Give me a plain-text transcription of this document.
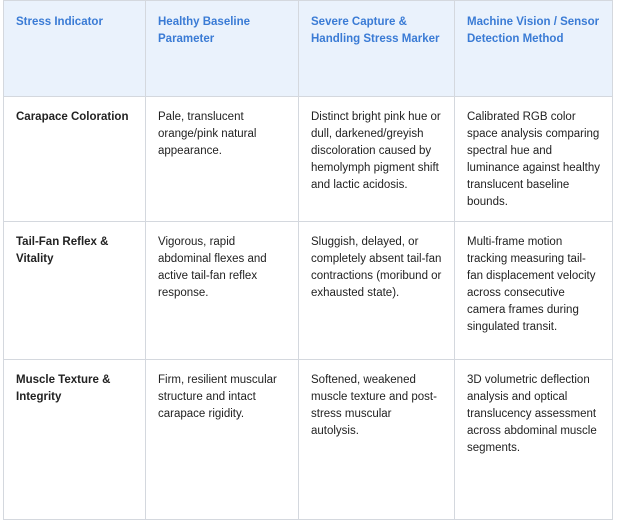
Stress Indicator	Healthy Baseline Parameter	Severe Capture & Handling Stress Marker	Machine Vision / Sensor Detection Method
Carapace Coloration	Pale, translucent orange/pink natural appearance.	Distinct bright pink hue or dull, darkened/greyish discoloration caused by hemolymph pigment shift and lactic acidosis.	Calibrated RGB color space analysis comparing spectral hue and luminance against healthy translucent baseline bounds.
Tail-Fan Reflex & Vitality	Vigorous, rapid abdominal flexes and active tail-fan reflex response.	Sluggish, delayed, or completely absent tail-fan contractions (moribund or exhausted state).	Multi-frame motion tracking measuring tail-fan displacement velocity across consecutive camera frames during singulated transit.
Muscle Texture & Integrity	Firm, resilient muscular structure and intact carapace rigidity.	Softened, weakened muscle texture and post-stress muscular autolysis.	3D volumetric deflection analysis and optical translucency assessment across abdominal muscle segments.
